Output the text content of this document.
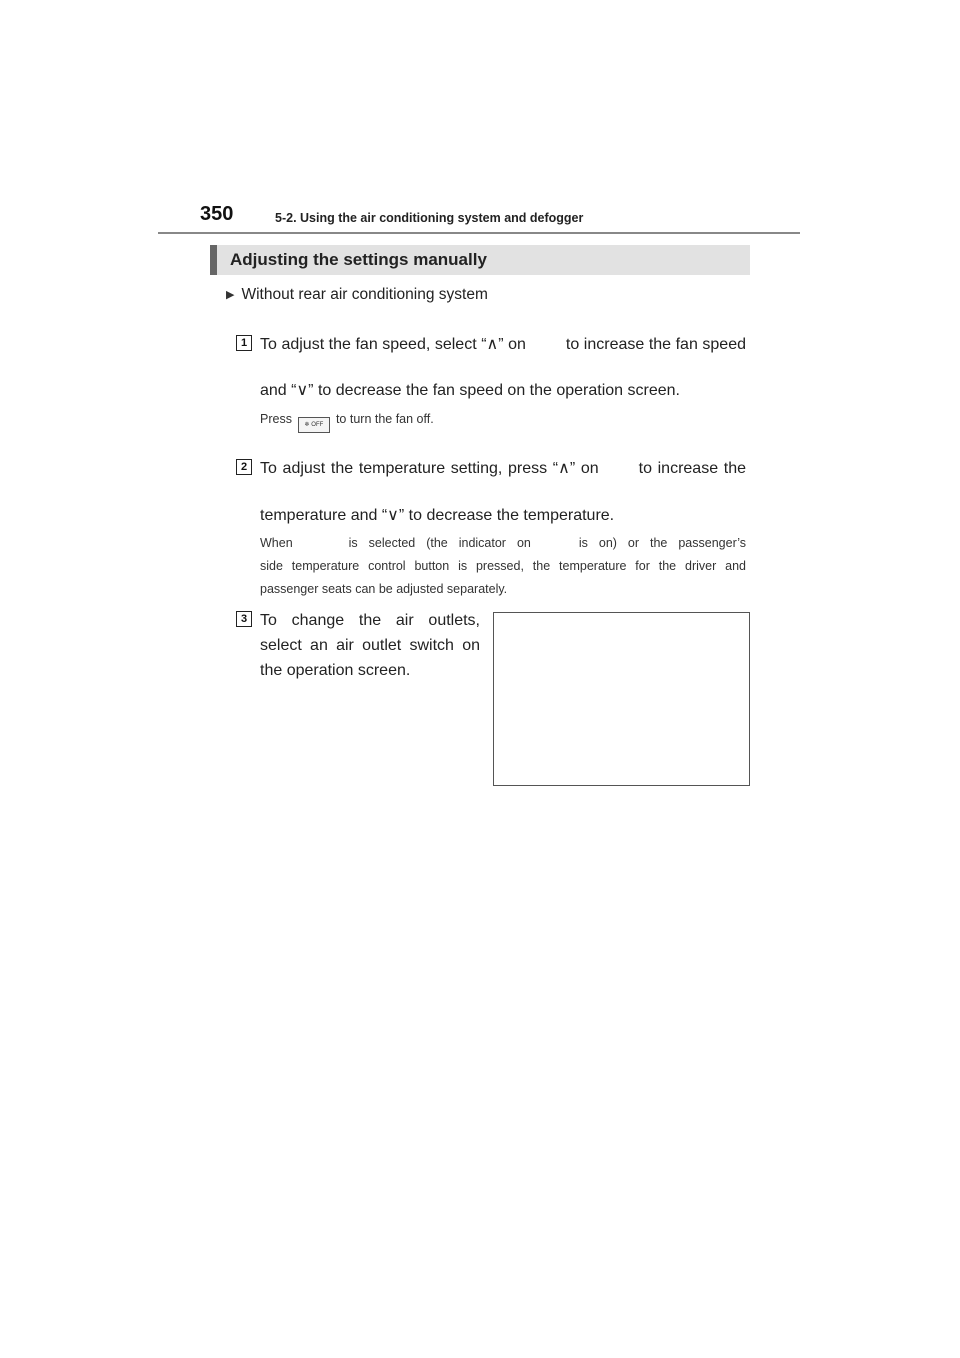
350	5-2. Using the air conditioning system and defogger
Adjusting the settings manually
▶ Without rear air conditioning system
1 To adjust the fan speed, select “∧” on	to increase the fan speed
and “∨” to decrease the fan speed on the operation screen.
Press ❄ OFF to turn the fan off.
2 To adjust the temperature setting, press “∧” on	to increase the
temperature and “∨” to decrease the temperature.
When	is selected (the indicator on	is on) or the passenger’s
side temperature control button is pressed, the temperature for the driver and
passenger seats can be adjusted separately.
3 To change the air outlets, select an air outlet switch on the operation screen.
